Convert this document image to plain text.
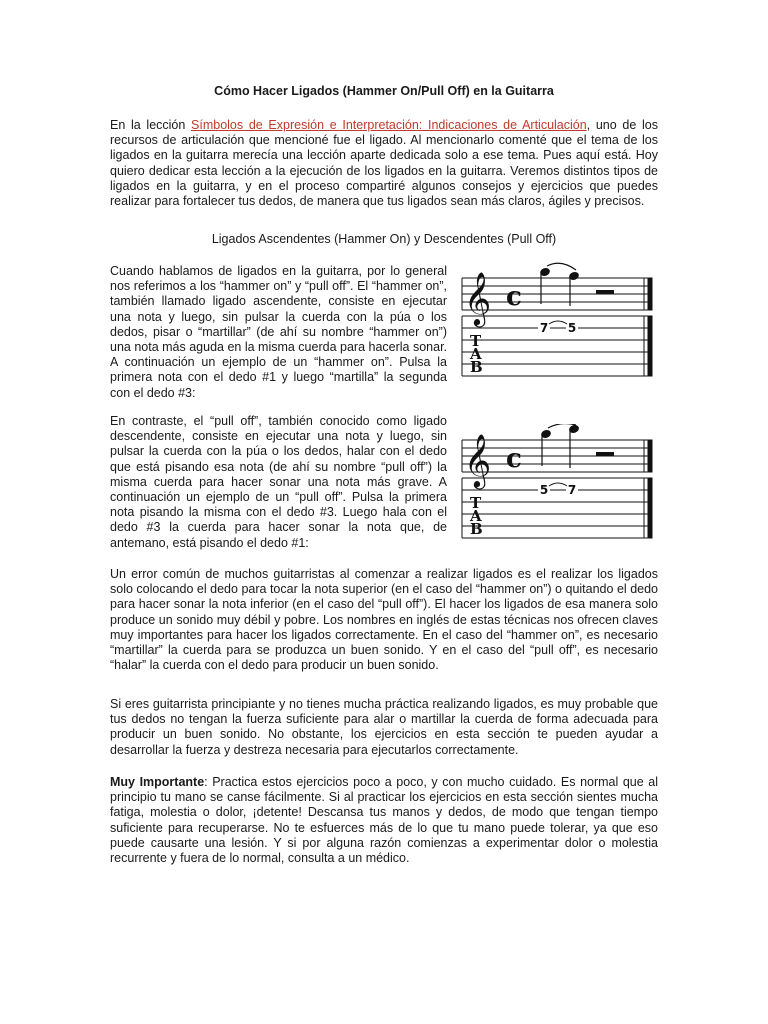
Cómo Hacer Ligados (Hammer On/Pull Off) en la Guitarra

En la lección Símbolos de Expresión e Interpretación: Indicaciones de Articulación, uno de los recursos de articulación que mencioné fue el ligado. Al mencionarlo comenté que el tema de los ligados en la guitarra merecía una lección aparte dedicada solo a ese tema. Pues aquí está. Hoy quiero dedicar esta lección a la ejecución de los ligados en la guitarra. Veremos distintos tipos de ligados en la guitarra, y en el proceso compartiré algunos consejos y ejercicios que puedes realizar para fortalecer tus dedos, de manera que tus ligados sean más claros, ágiles y precisos.

Ligados Ascendentes (Hammer On) y Descendentes (Pull Off)

Cuando hablamos de ligados en la guitarra, por lo general nos referimos a los “hammer on” y “pull off”. El “hammer on”, también llamado ligado ascendente, consiste en ejecutar una nota y luego, sin pulsar la cuerda con la púa o los dedos, pisar o “martillar” (de ahí su nombre “hammer on”) una nota más aguda en la misma cuerda para hacerla sonar. A continuación un ejemplo de un “hammer on”. Pulsa la primera nota con el dedo #1 y luego “martilla” la segunda con el dedo #3:

𝄞 c
T
A
B
7 5

En contraste, el “pull off”, también conocido como ligado descendente, consiste en ejecutar una nota y luego, sin pulsar la cuerda con la púa o los dedos, halar con el dedo que está pisando esa nota (de ahí su nombre “pull off”) la misma cuerda para hacer sonar una nota más grave. A continuación un ejemplo de un “pull off”. Pulsa la primera nota pisando la misma con el dedo #3. Luego hala con el dedo #3 la cuerda para hacer sonar la nota que, de antemano, está pisando el dedo #1:

𝄞 c
T
A
B
5 7

Un error común de muchos guitarristas al comenzar a realizar ligados es el realizar los ligados solo colocando el dedo para tocar la nota superior (en el caso del “hammer on”) o quitando el dedo para hacer sonar la nota inferior (en el caso del “pull off”). El hacer los ligados de esa manera solo produce un sonido muy débil y pobre. Los nombres en inglés de estas técnicas nos ofrecen claves muy importantes para hacer los ligados correctamente. En el caso del “hammer on”, es necesario “martillar” la cuerda para se produzca un buen sonido. Y en el caso del “pull off”, es necesario “halar” la cuerda con el dedo para producir un buen sonido.

Si eres guitarrista principiante y no tienes mucha práctica realizando ligados, es muy probable que tus dedos no tengan la fuerza suficiente para alar o martillar la cuerda de forma adecuada para producir un buen sonido. No obstante, los ejercicios en esta sección te pueden ayudar a desarrollar la fuerza y destreza necesaria para ejecutarlos correctamente.

Muy Importante: Practica estos ejercicios poco a poco, y con mucho cuidado. Es normal que al principio tu mano se canse fácilmente. Si al practicar los ejercicios en esta sección sientes mucha fatiga, molestia o dolor, ¡detente! Descansa tus manos y dedos, de modo que tengan tiempo suficiente para recuperarse. No te esfuerces más de lo que tu mano puede tolerar, ya que eso puede causarte una lesión. Y si por alguna razón comienzas a experimentar dolor o molestia recurrente y fuera de lo normal, consulta a un médico.
